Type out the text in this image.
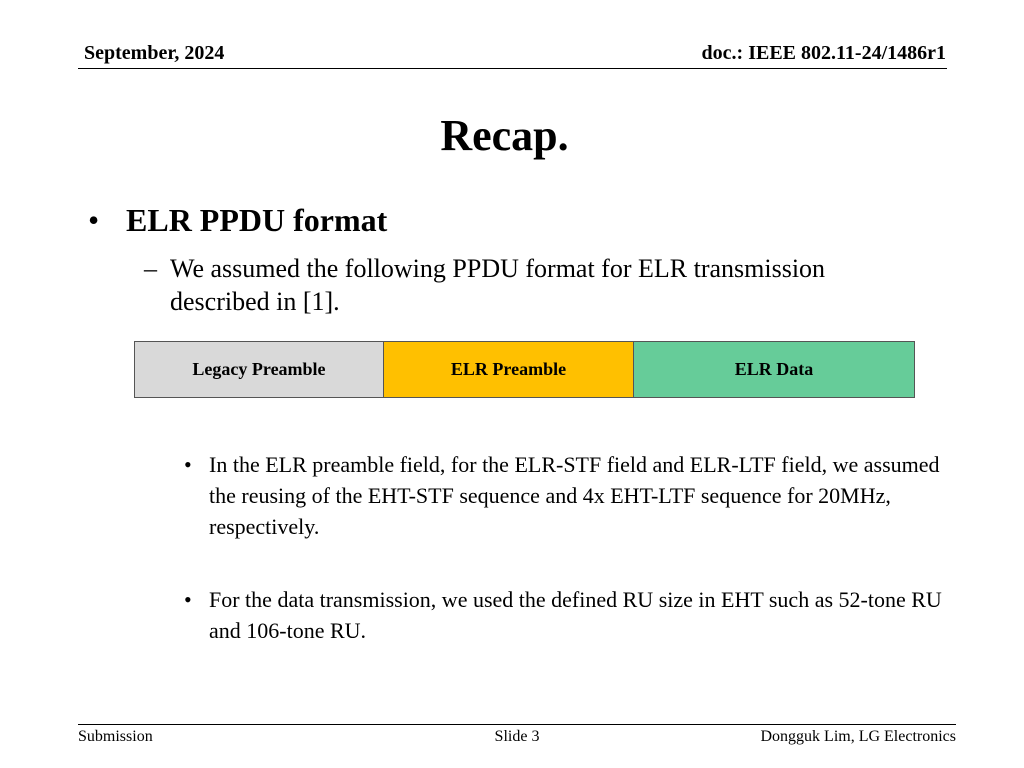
September, 2024	doc.: IEEE 802.11-24/1486r1
Recap.
• ELR PPDU format
– We assumed the following PPDU format for ELR transmission described in [1].
Legacy Preamble	ELR Preamble	ELR Data
• In the ELR preamble field, for the ELR-STF field and ELR-LTF field, we assumed the reusing of the EHT-STF sequence and 4x EHT-LTF sequence for 20MHz, respectively.
• For the data transmission, we used the defined RU size in EHT such as 52-tone RU and 106-tone RU.
Submission	Slide 3	Dongguk Lim, LG Electronics
